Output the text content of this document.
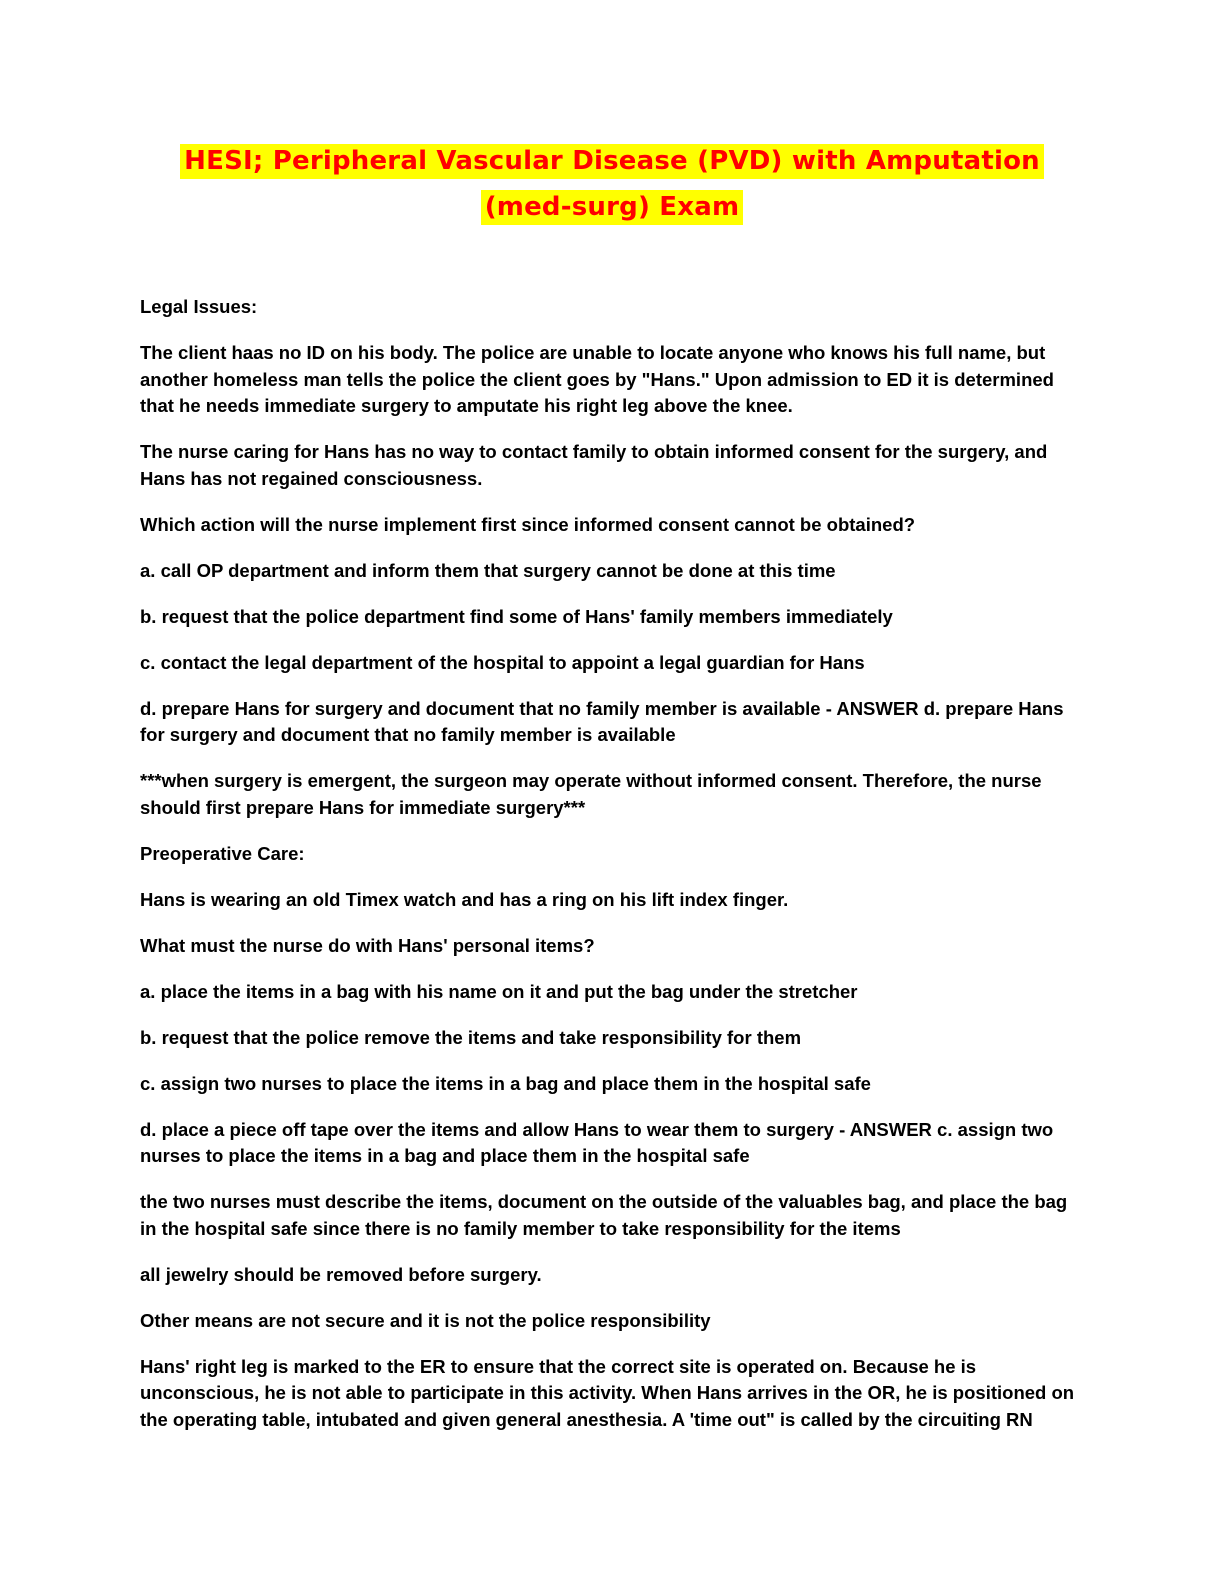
HESI; Peripheral Vascular Disease (PVD) with Amputation
(med-surg) Exam

Legal Issues:

The client haas no ID on his body. The police are unable to locate anyone who knows his full name, but another homeless man tells the police the client goes by "Hans." Upon admission to ED it is determined that he needs immediate surgery to amputate his right leg above the knee.

The nurse caring for Hans has no way to contact family to obtain informed consent for the surgery, and Hans has not regained consciousness.

Which action will the nurse implement first since informed consent cannot be obtained?

a. call OP department and inform them that surgery cannot be done at this time

b. request that the police department find some of Hans' family members immediately

c. contact the legal department of the hospital to appoint a legal guardian for Hans

d. prepare Hans for surgery and document that no family member is available - ANSWER d. prepare Hans for surgery and document that no family member is available

***when surgery is emergent, the surgeon may operate without informed consent. Therefore, the nurse should first prepare Hans for immediate surgery***

Preoperative Care:

Hans is wearing an old Timex watch and has a ring on his lift index finger.

What must the nurse do with Hans' personal items?

a. place the items in a bag with his name on it and put the bag under the stretcher

b. request that the police remove the items and take responsibility for them

c. assign two nurses to place the items in a bag and place them in the hospital safe

d. place a piece off tape over the items and allow Hans to wear them to surgery - ANSWER c. assign two nurses to place the items in a bag and place them in the hospital safe

the two nurses must describe the items, document on the outside of the valuables bag, and place the bag in the hospital safe since there is no family member to take responsibility for the items

all jewelry should be removed before surgery.

Other means are not secure and it is not the police responsibility

Hans' right leg is marked to the ER to ensure that the correct site is operated on. Because he is unconscious, he is not able to participate in this activity. When Hans arrives in the OR, he is positioned on the operating table, intubated and given general anesthesia. A 'time out" is called by the circuiting RN
